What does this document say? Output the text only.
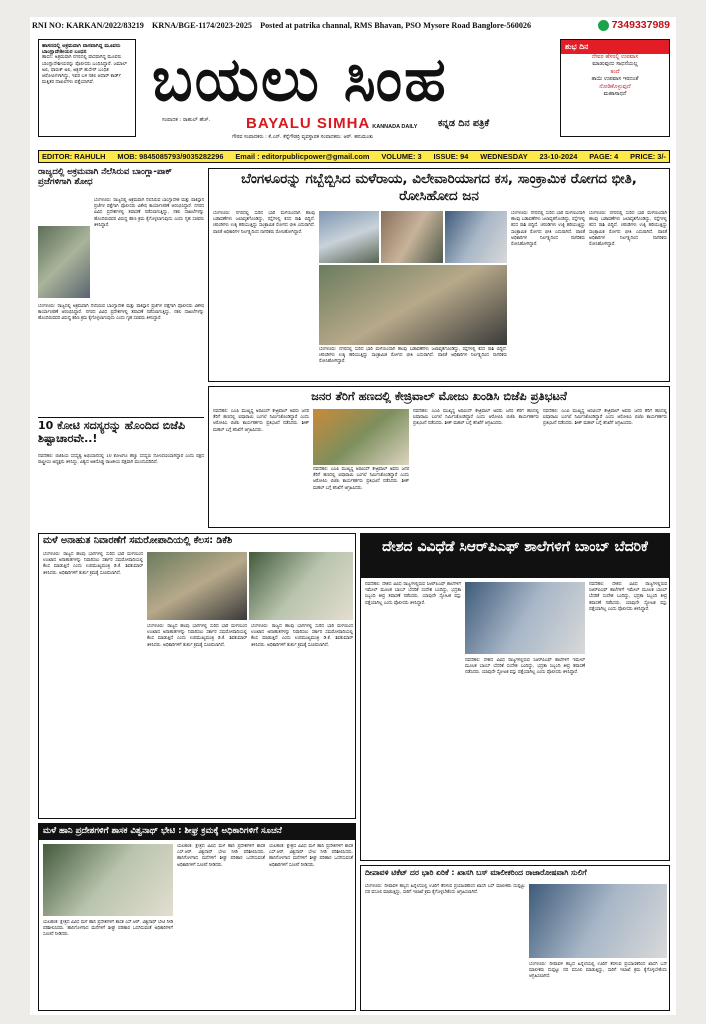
RNI NO: KARKAN/2022/83219 KRNA/BGE-1174/2023-2025 Posted at patrika channal, RMS Bhavan, PSO Mysore Road Banglore-560026	7349337989
ಹಾಸನದಲ್ಲಿ ಅಕ್ರಮವಾಗಿ ವಾಸವಾಗಿದ್ದ ಮೂವರು ಬಾಂಗ್ಲಾದೇಶೀಯರ ಬಂಧನ
ಹಾಸನ: ಅಕ್ರಮವಾಗಿ ನಗರದಲ್ಲಿ ವಾಸವಾಗಿದ್ದ ಮೂವರು ಬಾಂಗ್ಲಾದೇಶೀಯರನ್ನು ಪೊಲೀಸರು ಬಂಧಿಸಿದ್ದಾರೆ. ಜಮಾಲ್ ಅಲಿ, ಫಾರುಕ್ ಅಲಿ, ಅಕ್ಬರ್ ಹುಸೇನ್ ಬಂಧಿತ ಆರೋಪಿಗಳಾಗಿದ್ದು, ಇವರ ಬಳಿ ನಕಲಿ ಆಧಾರ್ ಕಾರ್ಡ್ ಮತ್ತಿತರ ದಾಖಲೆಗಳು ಪತ್ತೆಯಾಗಿವೆ. ಬಯಲು ಸಿಂಹ
ಸಂಪಾದಕ : ರಾಹುಲ್ ಹೆಚ್. BAYALU SIMHA KANNADA DAILY ಕನ್ನಡ ದಿನ ಪತ್ರಿಕೆ
ಗೌರವ ಸಂಪಾದಕರು : ಕೆ.ಎನ್. ಕೆನ್ನೆಗೌಡರ್ರಿ ವ್ಯವಸ್ಥಾಪಕ ಸಂಪಾದಕರು: ಆರ್. ಹನುಮಂತು
ಶುಭ ದಿನ
ದೇವರ ಹೆಸರಲ್ಲಿ ಉಪವಾಸ
ಮಾಡುವುದು ಸಾಧನೆಯಲ್ಲ
ತಂದೆ
ತಾಯಿ ಉಪವಾಸ ಇರದಂತೆ
ನೋಡಿಕೊಳ್ಳುವುದೆ
ಮಹಾಸಾಧನೆ
EDITOR: RAHULH MOB: 9845085793/9035282296 Email : editorpublicpower@gmail.com VOLUME: 3 ISSUE: 94 WEDNESDAY 23-10-2024 PAGE: 4 PRICE: 3/-
ರಾಜ್ಯದಲ್ಲಿ ಅಕ್ರಮವಾಗಿ ನೆಲೆಸಿರುವ ಬಾಂಗ್ಲಾ-ಪಾಕ್ ಪ್ರಜೆಗಳಿಗಾಗಿ ಶೋಧ
ಬೆಂಗಳೂರು: ರಾಜ್ಯದಲ್ಲಿ ಅಕ್ರಮವಾಗಿ ನೆಲೆಸಿರುವ ಬಾಂಗ್ಲಾದೇಶ ಮತ್ತು ಪಾಕಿಸ್ತಾನ ಪ್ರಜೆಗಳ ಪತ್ತೆಗಾಗಿ ಪೊಲೀಸರು ವಿಶೇಷ ಕಾರ್ಯಾಚರಣೆ ಆರಂಭಿಸಿದ್ದಾರೆ. ನಗರದ ವಿವಿಧ ಪ್ರದೇಶಗಳಲ್ಲಿ ತಪಾಸಣೆ ನಡೆಸಲಾಗುತ್ತಿದ್ದು, ನಕಲಿ ದಾಖಲೆಗಳನ್ನು ಹೊಂದಿರುವವರ ವಿರುದ್ಧ ಕಠಿಣ ಕ್ರಮ ಕೈಗೊಳ್ಳಲಾಗುವುದು ಎಂದು ಗೃಹ ಸಚಿವರು ತಿಳಿಸಿದ್ದಾರೆ.
ಬೆಂಗಳೂರು: ರಾಜ್ಯದಲ್ಲಿ ಅಕ್ರಮವಾಗಿ ನೆಲೆಸಿರುವ ಬಾಂಗ್ಲಾದೇಶ ಮತ್ತು ಪಾಕಿಸ್ತಾನ ಪ್ರಜೆಗಳ ಪತ್ತೆಗಾಗಿ ಪೊಲೀಸರು ವಿಶೇಷ ಕಾರ್ಯಾಚರಣೆ ಆರಂಭಿಸಿದ್ದಾರೆ. ನಗರದ ವಿವಿಧ ಪ್ರದೇಶಗಳಲ್ಲಿ ತಪಾಸಣೆ ನಡೆಸಲಾಗುತ್ತಿದ್ದು, ನಕಲಿ ದಾಖಲೆಗಳನ್ನು ಹೊಂದಿರುವವರ ವಿರುದ್ಧ ಕಠಿಣ ಕ್ರಮ ಕೈಗೊಳ್ಳಲಾಗುವುದು ಎಂದು ಗೃಹ ಸಚಿವರು ತಿಳಿಸಿದ್ದಾರೆ.
10 ಕೋಟಿ ಸದಸ್ಯರನ್ನು ಹೊಂದಿದ ಬಿಜೆಪಿ ಶಿಷ್ಟಾಚಾರವೇ..!
ನವದೆಹಲಿ: ಬಿಜೆಪಿಯ ಸದಸ್ಯತ್ವ ಅಭಿಯಾನದಲ್ಲಿ 10 ಕೋಟಿಗೂ ಹೆಚ್ಚು ಸದಸ್ಯರು ನೋಂದಣಿಯಾಗಿದ್ದಾರೆ ಎಂದು ಪಕ್ಷದ ರಾಷ್ಟ್ರೀಯ ಅಧ್ಯಕ್ಷರು ತಿಳಿಸಿದ್ದು, ವಿಶ್ವದ ಅತಿದೊಡ್ಡ ರಾಜಕೀಯ ಪಕ್ಷವಾಗಿ ಮುಂದುವರಿದಿದೆ.
ಬೆಂಗಳೂರನ್ನು ಗಬ್ಬೆಬ್ಬಿಸಿದ ಮಳೆರಾಯ, ವಿಲೇವಾರಿಯಾಗದ ಕಸ, ಸಾಂಕ್ರಾಮಿಕ ರೋಗದ ಭೀತಿ, ರೋಸಿಹೋದ ಜನ
ಬೆಂಗಳೂರು: ನಗರದಲ್ಲಿ ಸುರಿದ ಭಾರಿ ಮಳೆಯಿಂದಾಗಿ ಹಲವು ಬಡಾವಣೆಗಳು ಜಲಾವೃತಗೊಂಡಿದ್ದು, ರಸ್ತೆಗಳಲ್ಲಿ ಕಸದ ರಾಶಿ ಬಿದ್ದಿದೆ. ಚರಂಡಿಗಳು ಉಕ್ಕಿ ಹರಿಯುತ್ತಿದ್ದು ಸಾಂಕ್ರಾಮಿಕ ರೋಗದ ಭೀತಿ ಎದುರಾಗಿದೆ. ಪಾಲಿಕೆ ಅಧಿಕಾರಿಗಳ ನಿರ್ಲಕ್ಷ್ಯದಿಂದ ನಾಗರಿಕರು ರೋಸಿಹೋಗಿದ್ದಾರೆ.
ಬೆಂಗಳೂರು: ನಗರದಲ್ಲಿ ಸುರಿದ ಭಾರಿ ಮಳೆಯಿಂದಾಗಿ ಹಲವು ಬಡಾವಣೆಗಳು ಜಲಾವೃತಗೊಂಡಿದ್ದು, ರಸ್ತೆಗಳಲ್ಲಿ ಕಸದ ರಾಶಿ ಬಿದ್ದಿದೆ. ಚರಂಡಿಗಳು ಉಕ್ಕಿ ಹರಿಯುತ್ತಿದ್ದು ಸಾಂಕ್ರಾಮಿಕ ರೋಗದ ಭೀತಿ ಎದುರಾಗಿದೆ. ಪಾಲಿಕೆ ಅಧಿಕಾರಿಗಳ ನಿರ್ಲಕ್ಷ್ಯದಿಂದ ನಾಗರಿಕರು ರೋಸಿಹೋಗಿದ್ದಾರೆ.
ಬೆಂಗಳೂರು: ನಗರದಲ್ಲಿ ಸುರಿದ ಭಾರಿ ಮಳೆಯಿಂದಾಗಿ ಹಲವು ಬಡಾವಣೆಗಳು ಜಲಾವೃತಗೊಂಡಿದ್ದು, ರಸ್ತೆಗಳಲ್ಲಿ ಕಸದ ರಾಶಿ ಬಿದ್ದಿದೆ. ಚರಂಡಿಗಳು ಉಕ್ಕಿ ಹರಿಯುತ್ತಿದ್ದು ಸಾಂಕ್ರಾಮಿಕ ರೋಗದ ಭೀತಿ ಎದುರಾಗಿದೆ. ಪಾಲಿಕೆ ಅಧಿಕಾರಿಗಳ ನಿರ್ಲಕ್ಷ್ಯದಿಂದ ನಾಗರಿಕರು ರೋಸಿಹೋಗಿದ್ದಾರೆ.
ಬೆಂಗಳೂರು: ನಗರದಲ್ಲಿ ಸುರಿದ ಭಾರಿ ಮಳೆಯಿಂದಾಗಿ ಹಲವು ಬಡಾವಣೆಗಳು ಜಲಾವೃತಗೊಂಡಿದ್ದು, ರಸ್ತೆಗಳಲ್ಲಿ ಕಸದ ರಾಶಿ ಬಿದ್ದಿದೆ. ಚರಂಡಿಗಳು ಉಕ್ಕಿ ಹರಿಯುತ್ತಿದ್ದು ಸಾಂಕ್ರಾಮಿಕ ರೋಗದ ಭೀತಿ ಎದುರಾಗಿದೆ. ಪಾಲಿಕೆ ಅಧಿಕಾರಿಗಳ ನಿರ್ಲಕ್ಷ್ಯದಿಂದ ನಾಗರಿಕರು ರೋಸಿಹೋಗಿದ್ದಾರೆ.
ಜನರ ತೆರಿಗೆ ಹಣದಲ್ಲಿ ಕೇಜ್ರಿವಾಲ್ ಮೋಜು ಖಂಡಿಸಿ ಬಿಜೆಪಿ ಪ್ರತಿಭಟನೆ
ನವದೆಹಲಿ: ಎಎಪಿ ಮುಖ್ಯಸ್ಥ ಅರವಿಂದ್ ಕೇಜ್ರಿವಾಲ್ ಅವರು ಜನರ ತೆರಿಗೆ ಹಣದಲ್ಲಿ ಐಷಾರಾಮಿ ಬಂಗಲೆ ನಿರ್ಮಿಸಿಕೊಂಡಿದ್ದಾರೆ ಎಂದು ಆರೋಪಿಸಿ ಬಿಜೆಪಿ ಕಾರ್ಯಕರ್ತರು ಪ್ರತಿಭಟನೆ ನಡೆಸಿದರು. ಶೀಶ್ ಮಹಲ್ ಬಗ್ಗೆ ತನಿಖೆಗೆ ಆಗ್ರಹಿಸಿದರು.
ನವದೆಹಲಿ: ಎಎಪಿ ಮುಖ್ಯಸ್ಥ ಅರವಿಂದ್ ಕೇಜ್ರಿವಾಲ್ ಅವರು ಜನರ ತೆರಿಗೆ ಹಣದಲ್ಲಿ ಐಷಾರಾಮಿ ಬಂಗಲೆ ನಿರ್ಮಿಸಿಕೊಂಡಿದ್ದಾರೆ ಎಂದು ಆರೋಪಿಸಿ ಬಿಜೆಪಿ ಕಾರ್ಯಕರ್ತರು ಪ್ರತಿಭಟನೆ ನಡೆಸಿದರು. ಶೀಶ್ ಮಹಲ್ ಬಗ್ಗೆ ತನಿಖೆಗೆ ಆಗ್ರಹಿಸಿದರು.
ನವದೆಹಲಿ: ಎಎಪಿ ಮುಖ್ಯಸ್ಥ ಅರವಿಂದ್ ಕೇಜ್ರಿವಾಲ್ ಅವರು ಜನರ ತೆರಿಗೆ ಹಣದಲ್ಲಿ ಐಷಾರಾಮಿ ಬಂಗಲೆ ನಿರ್ಮಿಸಿಕೊಂಡಿದ್ದಾರೆ ಎಂದು ಆರೋಪಿಸಿ ಬಿಜೆಪಿ ಕಾರ್ಯಕರ್ತರು ಪ್ರತಿಭಟನೆ ನಡೆಸಿದರು. ಶೀಶ್ ಮಹಲ್ ಬಗ್ಗೆ ತನಿಖೆಗೆ ಆಗ್ರಹಿಸಿದರು.
ನವದೆಹಲಿ: ಎಎಪಿ ಮುಖ್ಯಸ್ಥ ಅರವಿಂದ್ ಕೇಜ್ರಿವಾಲ್ ಅವರು ಜನರ ತೆರಿಗೆ ಹಣದಲ್ಲಿ ಐಷಾರಾಮಿ ಬಂಗಲೆ ನಿರ್ಮಿಸಿಕೊಂಡಿದ್ದಾರೆ ಎಂದು ಆರೋಪಿಸಿ ಬಿಜೆಪಿ ಕಾರ್ಯಕರ್ತರು ಪ್ರತಿಭಟನೆ ನಡೆಸಿದರು. ಶೀಶ್ ಮಹಲ್ ಬಗ್ಗೆ ತನಿಖೆಗೆ ಆಗ್ರಹಿಸಿದರು.
ಮಳೆ ಅನಾಹುತ ನಿವಾರಣೆಗೆ ಸಮರೋಪಾದಿಯಲ್ಲಿ ಕೆಲಸ: ಡಿಕೆಶಿ
ಬೆಂಗಳೂರು: ರಾಜ್ಯದ ಹಲವು ಭಾಗಗಳಲ್ಲಿ ಸುರಿದ ಭಾರಿ ಮಳೆಯಿಂದ ಉಂಟಾದ ಅನಾಹುತಗಳನ್ನು ನಿವಾರಿಸಲು ಸರ್ಕಾರ ಸಮರೋಪಾದಿಯಲ್ಲಿ ಕೆಲಸ ಮಾಡುತ್ತಿದೆ ಎಂದು ಉಪಮುಖ್ಯಮಂತ್ರಿ ಡಿ.ಕೆ. ಶಿವಕುಮಾರ್ ತಿಳಿಸಿದರು. ಅಧಿಕಾರಿಗಳಿಗೆ ತುರ್ತು ಕ್ರಮಕ್ಕೆ ಸೂಚಿಸಲಾಗಿದೆ.
ಬೆಂಗಳೂರು: ರಾಜ್ಯದ ಹಲವು ಭಾಗಗಳಲ್ಲಿ ಸುರಿದ ಭಾರಿ ಮಳೆಯಿಂದ ಉಂಟಾದ ಅನಾಹುತಗಳನ್ನು ನಿವಾರಿಸಲು ಸರ್ಕಾರ ಸಮರೋಪಾದಿಯಲ್ಲಿ ಕೆಲಸ ಮಾಡುತ್ತಿದೆ ಎಂದು ಉಪಮುಖ್ಯಮಂತ್ರಿ ಡಿ.ಕೆ. ಶಿವಕುಮಾರ್ ತಿಳಿಸಿದರು. ಅಧಿಕಾರಿಗಳಿಗೆ ತುರ್ತು ಕ್ರಮಕ್ಕೆ ಸೂಚಿಸಲಾಗಿದೆ.
ಬೆಂಗಳೂರು: ರಾಜ್ಯದ ಹಲವು ಭಾಗಗಳಲ್ಲಿ ಸುರಿದ ಭಾರಿ ಮಳೆಯಿಂದ ಉಂಟಾದ ಅನಾಹುತಗಳನ್ನು ನಿವಾರಿಸಲು ಸರ್ಕಾರ ಸಮರೋಪಾದಿಯಲ್ಲಿ ಕೆಲಸ ಮಾಡುತ್ತಿದೆ ಎಂದು ಉಪಮುಖ್ಯಮಂತ್ರಿ ಡಿ.ಕೆ. ಶಿವಕುಮಾರ್ ತಿಳಿಸಿದರು. ಅಧಿಕಾರಿಗಳಿಗೆ ತುರ್ತು ಕ್ರಮಕ್ಕೆ ಸೂಚಿಸಲಾಗಿದೆ.
ದೇಶದ ವಿವಿಧೆಡೆ ಸಿಆರ್‌ಪಿಎಫ್ ಶಾಲೆಗಳಿಗೆ ಬಾಂಬ್ ಬೆದರಿಕೆ
ನವದೆಹಲಿ: ದೇಶದ ವಿವಿಧ ರಾಜ್ಯಗಳಲ್ಲಿರುವ ಸಿಆರ್‌ಪಿಎಫ್ ಶಾಲೆಗಳಿಗೆ ಇಮೇಲ್ ಮೂಲಕ ಬಾಂಬ್ ಬೆದರಿಕೆ ಸಂದೇಶ ಬಂದಿದ್ದು, ಭದ್ರತಾ ಸಿಬ್ಬಂದಿ ತೀವ್ರ ತಪಾಸಣೆ ನಡೆಸಿದರು. ಯಾವುದೇ ಸ್ಫೋಟಕ ವಸ್ತು ಪತ್ತೆಯಾಗಿಲ್ಲ ಎಂದು ಪೊಲೀಸರು ತಿಳಿಸಿದ್ದಾರೆ.
ನವದೆಹಲಿ: ದೇಶದ ವಿವಿಧ ರಾಜ್ಯಗಳಲ್ಲಿರುವ ಸಿಆರ್‌ಪಿಎಫ್ ಶಾಲೆಗಳಿಗೆ ಇಮೇಲ್ ಮೂಲಕ ಬಾಂಬ್ ಬೆದರಿಕೆ ಸಂದೇಶ ಬಂದಿದ್ದು, ಭದ್ರತಾ ಸಿಬ್ಬಂದಿ ತೀವ್ರ ತಪಾಸಣೆ ನಡೆಸಿದರು. ಯಾವುದೇ ಸ್ಫೋಟಕ ವಸ್ತು ಪತ್ತೆಯಾಗಿಲ್ಲ ಎಂದು ಪೊಲೀಸರು ತಿಳಿಸಿದ್ದಾರೆ.
ನವದೆಹಲಿ: ದೇಶದ ವಿವಿಧ ರಾಜ್ಯಗಳಲ್ಲಿರುವ ಸಿಆರ್‌ಪಿಎಫ್ ಶಾಲೆಗಳಿಗೆ ಇಮೇಲ್ ಮೂಲಕ ಬಾಂಬ್ ಬೆದರಿಕೆ ಸಂದೇಶ ಬಂದಿದ್ದು, ಭದ್ರತಾ ಸಿಬ್ಬಂದಿ ತೀವ್ರ ತಪಾಸಣೆ ನಡೆಸಿದರು. ಯಾವುದೇ ಸ್ಫೋಟಕ ವಸ್ತು ಪತ್ತೆಯಾಗಿಲ್ಲ ಎಂದು ಪೊಲೀಸರು ತಿಳಿಸಿದ್ದಾರೆ.
ಮಳೆ ಹಾನಿ ಪ್ರದೇಶಗಳಿಗೆ ಶಾಸಕ ವಿಶ್ವನಾಥ್ ಭೇಟಿ : ಶೀಘ್ರ ಕ್ರಮಕ್ಕೆ ಅಧಿಕಾರಿಗಳಿಗೆ ಸೂಚನೆ
ಯಲಹಂಕ: ಕ್ಷೇತ್ರದ ವಿವಿಧ ಮಳೆ ಹಾನಿ ಪ್ರದೇಶಗಳಿಗೆ ಶಾಸಕ ಎಸ್.ಆರ್. ವಿಶ್ವನಾಥ್ ಭೇಟಿ ನೀಡಿ ಪರಿಶೀಲಿಸಿದರು. ಹಾನಿಗೊಳಗಾದ ಮನೆಗಳಿಗೆ ಶೀಘ್ರ ಪರಿಹಾರ ಒದಗಿಸುವಂತೆ ಅಧಿಕಾರಿಗಳಿಗೆ ಸೂಚನೆ ನೀಡಿದರು.
ಯಲಹಂಕ: ಕ್ಷೇತ್ರದ ವಿವಿಧ ಮಳೆ ಹಾನಿ ಪ್ರದೇಶಗಳಿಗೆ ಶಾಸಕ ಎಸ್.ಆರ್. ವಿಶ್ವನಾಥ್ ಭೇಟಿ ನೀಡಿ ಪರಿಶೀಲಿಸಿದರು. ಹಾನಿಗೊಳಗಾದ ಮನೆಗಳಿಗೆ ಶೀಘ್ರ ಪರಿಹಾರ ಒದಗಿಸುವಂತೆ ಅಧಿಕಾರಿಗಳಿಗೆ ಸೂಚನೆ ನೀಡಿದರು.
ಯಲಹಂಕ: ಕ್ಷೇತ್ರದ ವಿವಿಧ ಮಳೆ ಹಾನಿ ಪ್ರದೇಶಗಳಿಗೆ ಶಾಸಕ ಎಸ್.ಆರ್. ವಿಶ್ವನಾಥ್ ಭೇಟಿ ನೀಡಿ ಪರಿಶೀಲಿಸಿದರು. ಹಾನಿಗೊಳಗಾದ ಮನೆಗಳಿಗೆ ಶೀಘ್ರ ಪರಿಹಾರ ಒದಗಿಸುವಂತೆ ಅಧಿಕಾರಿಗಳಿಗೆ ಸೂಚನೆ ನೀಡಿದರು.
ದೀಪಾವಳಿ ಟಿಕೆಟ್ ದರ ಭಾರಿ ಏರಿಕೆ : ಖಾಸಗಿ ಬಸ್ ಮಾಲೀಕರಿಂದ ರಾಜಾರೋಷವಾಗಿ ಸುಲಿಗೆ
ಬೆಂಗಳೂರು: ದೀಪಾವಳಿ ಹಬ್ಬದ ಹಿನ್ನೆಲೆಯಲ್ಲಿ ಊರಿಗೆ ತೆರಳುವ ಪ್ರಯಾಣಿಕರಿಂದ ಖಾಸಗಿ ಬಸ್ ಮಾಲೀಕರು ದುಪ್ಪಟ್ಟು ದರ ವಸೂಲಿ ಮಾಡುತ್ತಿದ್ದು, ಸಾರಿಗೆ ಇಲಾಖೆ ಕ್ರಮ ಕೈಗೊಳ್ಳಬೇಕೆಂದು ಆಗ್ರಹಿಸಲಾಗಿದೆ.
ಬೆಂಗಳೂರು: ದೀಪಾವಳಿ ಹಬ್ಬದ ಹಿನ್ನೆಲೆಯಲ್ಲಿ ಊರಿಗೆ ತೆರಳುವ ಪ್ರಯಾಣಿಕರಿಂದ ಖಾಸಗಿ ಬಸ್ ಮಾಲೀಕರು ದುಪ್ಪಟ್ಟು ದರ ವಸೂಲಿ ಮಾಡುತ್ತಿದ್ದು, ಸಾರಿಗೆ ಇಲಾಖೆ ಕ್ರಮ ಕೈಗೊಳ್ಳಬೇಕೆಂದು ಆಗ್ರಹಿಸಲಾಗಿದೆ.
